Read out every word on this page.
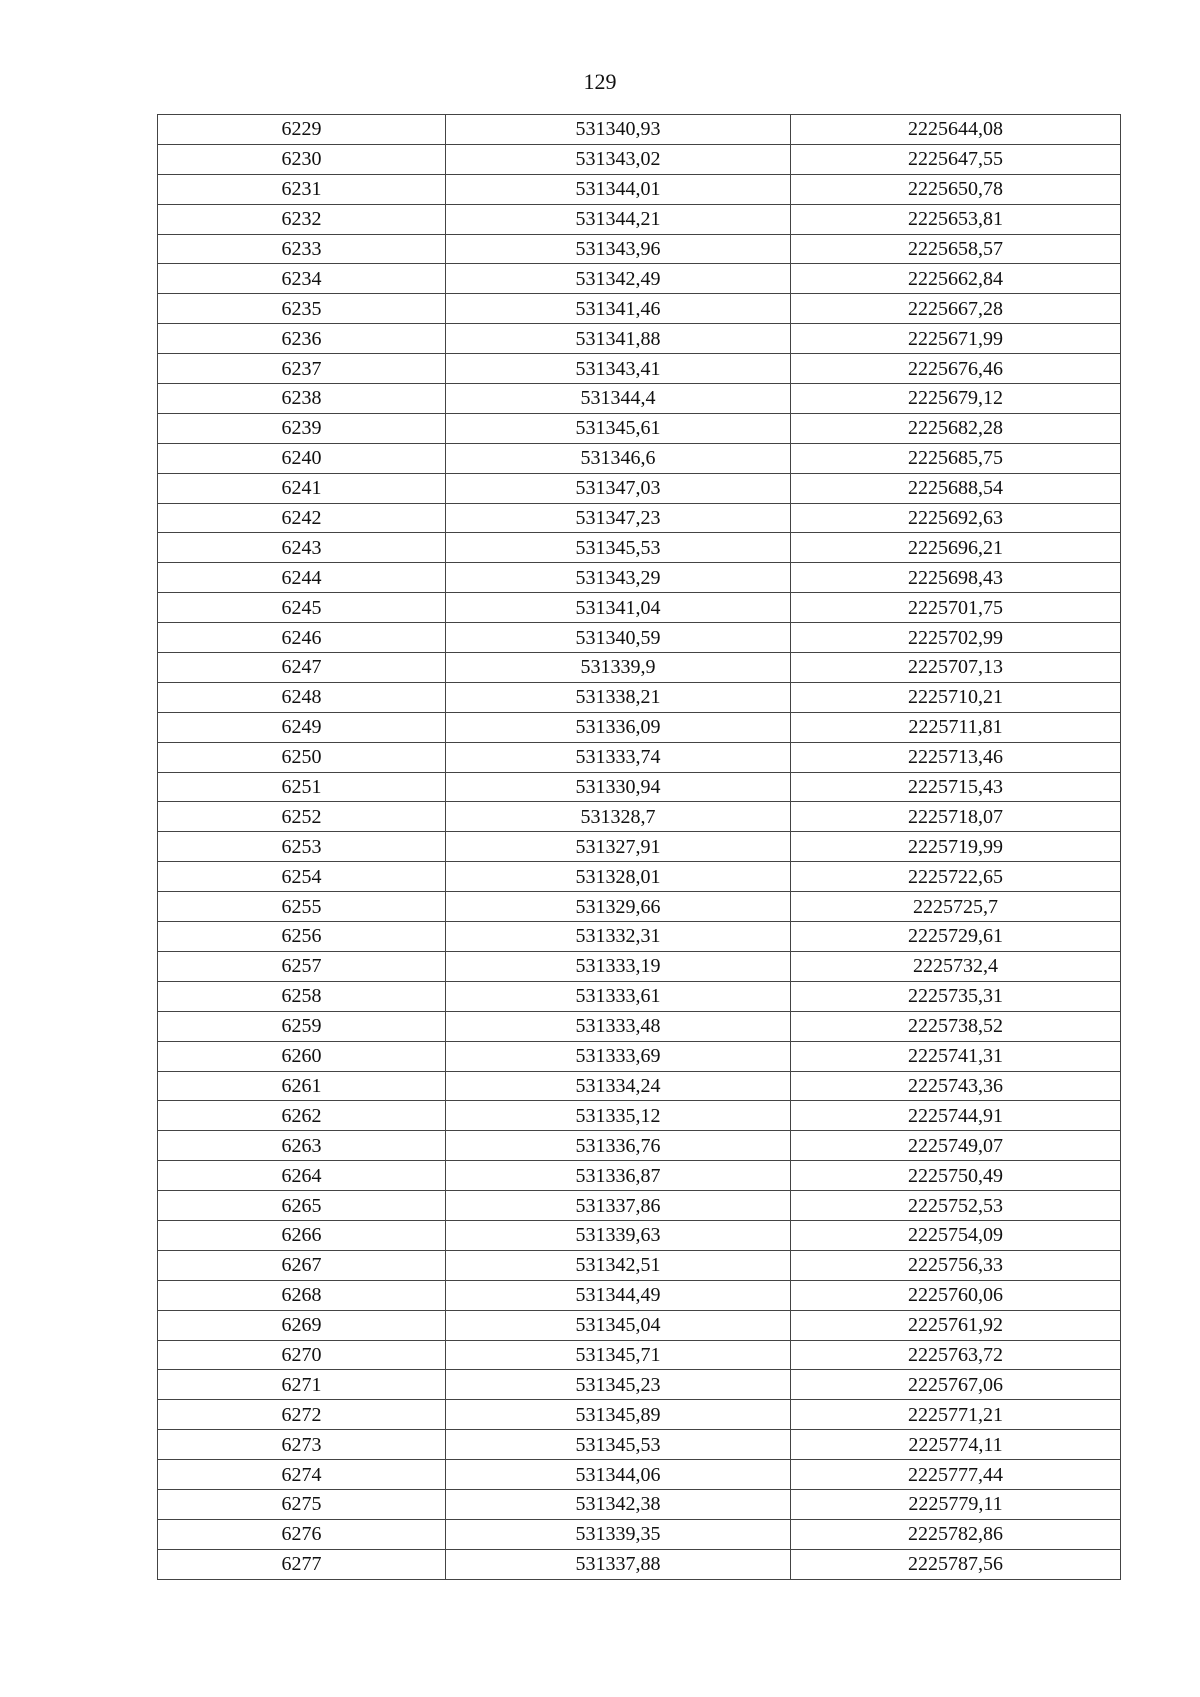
129
6229	531340,93	2225644,08
6230	531343,02	2225647,55
6231	531344,01	2225650,78
6232	531344,21	2225653,81
6233	531343,96	2225658,57
6234	531342,49	2225662,84
6235	531341,46	2225667,28
6236	531341,88	2225671,99
6237	531343,41	2225676,46
6238	531344,4	2225679,12
6239	531345,61	2225682,28
6240	531346,6	2225685,75
6241	531347,03	2225688,54
6242	531347,23	2225692,63
6243	531345,53	2225696,21
6244	531343,29	2225698,43
6245	531341,04	2225701,75
6246	531340,59	2225702,99
6247	531339,9	2225707,13
6248	531338,21	2225710,21
6249	531336,09	2225711,81
6250	531333,74	2225713,46
6251	531330,94	2225715,43
6252	531328,7	2225718,07
6253	531327,91	2225719,99
6254	531328,01	2225722,65
6255	531329,66	2225725,7
6256	531332,31	2225729,61
6257	531333,19	2225732,4
6258	531333,61	2225735,31
6259	531333,48	2225738,52
6260	531333,69	2225741,31
6261	531334,24	2225743,36
6262	531335,12	2225744,91
6263	531336,76	2225749,07
6264	531336,87	2225750,49
6265	531337,86	2225752,53
6266	531339,63	2225754,09
6267	531342,51	2225756,33
6268	531344,49	2225760,06
6269	531345,04	2225761,92
6270	531345,71	2225763,72
6271	531345,23	2225767,06
6272	531345,89	2225771,21
6273	531345,53	2225774,11
6274	531344,06	2225777,44
6275	531342,38	2225779,11
6276	531339,35	2225782,86
6277	531337,88	2225787,56
